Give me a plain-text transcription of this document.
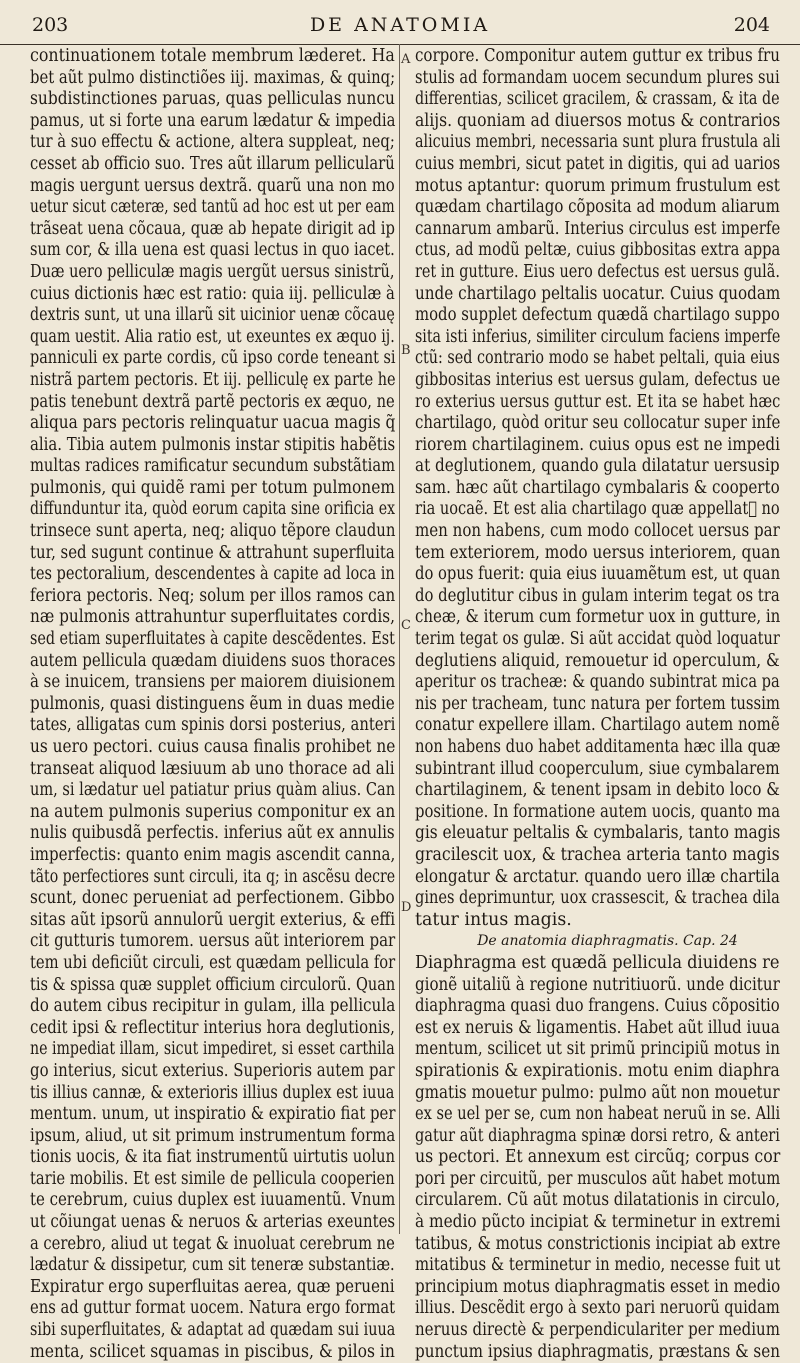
203	DE ANATOMIA	204
A
B
C
D
continuationem totale membrum læderet. Ha
bet aũt pulmo distinctiões iij. maximas, & quinq;
subdistinctiones paruas, quas pelliculas nuncu
pamus, ut si forte una earum lædatur & impedia
tur à suo effectu & actione, altera suppleat, neq;
cesset ab officio suo. Tres aũt illarum pellicularũ
magis uergunt uersus dextrã. quarũ una non mo
uetur sicut cæteræ, sed tantũ ad hoc est ut per eam
trãseat uena cõcaua, quæ ab hepate dirigit ad ip
sum cor, & illa uena est quasi lectus in quo iacet.
Duæ uero pelliculæ magis uergũt uersus sinistrũ,
cuius dictionis hæc est ratio: quia iij. pelliculæ à
dextris sunt, ut una illarũ sit uicinior uenæ cõcauę
quam uestit. Alia ratio est, ut exeuntes ex æquo ij.
panniculi ex parte cordis, cũ ipso corde teneant si
nistrã partem pectoris. Et iij. pelliculę ex parte he
patis tenebunt dextrã partẽ pectoris ex æquo, ne
aliqua pars pectoris relinquatur uacua magis q̃
alia. Tibia autem pulmonis instar stipitis habẽtis
multas radices ramificatur secundum substãtiam
pulmonis, qui quidẽ rami per totum pulmonem
diffunduntur ita, quòd eorum capita sine orificia ex
trinsece sunt aperta, neq; aliquo tẽpore claudun
tur, sed sugunt continue & attrahunt superfluita
tes pectoralium, descendentes à capite ad loca in
feriora pectoris. Neq; solum per illos ramos can
næ pulmonis attrahuntur superfluitates cordis,
sed etiam superfluitates à capite descẽdentes. Est
autem pellicula quædam diuidens suos thoraces
à se inuicem, transiens per maiorem diuisionem
pulmonis, quasi distinguens ẽum in duas medie
tates, alligatas cum spinis dorsi posterius, anteri
us uero pectori. cuius causa finalis prohibet ne
transeat aliquod læsiuum ab uno thorace ad ali
um, si lædatur uel patiatur prius quàm alius. Can
na autem pulmonis superius componitur ex an
nulis quibusdã perfectis. inferius aũt ex annulis
imperfectis: quanto enim magis ascendit canna,
tãto perfectiores sunt circuli, ita q; in ascẽsu decre
scunt, donec perueniat ad perfectionem. Gibbo
sitas aũt ipsorũ annulorũ uergit exterius, & effi
cit gutturis tumorem. uersus aũt interiorem par
tem ubi deficiũt circuli, est quædam pellicula for
tis & spissa quæ supplet officium circulorũ. Quan
do autem cibus recipitur in gulam, illa pellicula
cedit ipsi & reflectitur interius hora deglutionis,
ne impediat illam, sicut impediret, si esset carthila
go interius, sicut exterius. Superioris autem par
tis illius cannæ, & exterioris illius duplex est iuua
mentum. unum, ut inspiratio & expiratio fiat per
ipsum, aliud, ut sit primum instrumentum forma
tionis uocis, & ita fiat instrumentũ uirtutis uolun
tarie mobilis. Et est simile de pellicula cooperien
te cerebrum, cuius duplex est iuuamentũ. Vnum
ut cõiungat uenas & neruos & arterias exeuntes
a cerebro, aliud ut tegat & inuoluat cerebrum ne
lædatur & dissipetur, cum sit teneræ substantiæ.
Expiratur ergo superfluitas aerea, quæ perueni
ens ad guttur format uocem. Natura ergo format
sibi superfluitates, & adaptat ad quædam sui iuua
menta, scilicet squamas in piscibus, & pilos in
corpore. Componitur autem guttur ex tribus fru
stulis ad formandam uocem secundum plures sui
differentias, scilicet gracilem, & crassam, & ita de
alijs. quoniam ad diuersos motus & contrarios
alicuius membri, necessaria sunt plura frustula ali
cuius membri, sicut patet in digitis, qui ad uarios
motus aptantur: quorum primum frustulum est
quædam chartilago cõposita ad modum aliarum
cannarum ambarũ. Interius circulus est imperfe
ctus, ad modũ peltæ, cuius gibbositas extra appa
ret in gutture. Eius uero defectus est uersus gulã.
unde chartilago peltalis uocatur. Cuius quodam
modo supplet defectum quædã chartilago suppo
sita isti inferius, similiter circulum faciens imperfe
ctũ: sed contrario modo se habet peltali, quia eius
gibbositas interius est uersus gulam, defectus ue
ro exterius uersus guttur est. Et ita se habet hæc
chartilago, quòd oritur seu collocatur super infe
riorem chartilaginem. cuius opus est ne impedi
at deglutionem, quando gula dilatatur uersusip
sam. hæc aũt chartilago cymbalaris & cooperto
ria uocaẽ. Et est alia chartilago quæ appellatᷓ no
men non habens, cum modo collocet uersus par
tem exteriorem, modo uersus interiorem, quan
do opus fuerit: quia eius iuuamẽtum est, ut quan
do deglutitur cibus in gulam interim tegat os tra
cheæ, & iterum cum formetur uox in gutture, in
terim tegat os gulæ. Si aũt accidat quòd loquatur
deglutiens aliquid, remouetur id operculum, &
aperitur os tracheæ: & quando subintrat mica pa
nis per tracheam, tunc natura per fortem tussim
conatur expellere illam. Chartilago autem nomẽ
non habens duo habet additamenta hæc illa quæ
subintrant illud cooperculum, siue cymbalarem
chartilaginem, & tenent ipsam in debito loco &
positione. In formatione autem uocis, quanto ma
gis eleuatur peltalis & cymbalaris, tanto magis
gracilescit uox, & trachea arteria tanto magis
elongatur & arctatur. quando uero illæ chartila
gines deprimuntur, uox crassescit, & trachea dila
tatur intus magis.
De anatomia diaphragmatis. Cap. 24
Diaphragma est quædã pellicula diuidens re
gionẽ uitaliũ à regione nutritiuorũ. unde dicitur
diaphragma quasi duo frangens. Cuius cõpositio
est ex neruis & ligamentis. Habet aũt illud iuua
mentum, scilicet ut sit primũ principiũ motus in
spirationis & expirationis. motu enim diaphra
gmatis mouetur pulmo: pulmo aũt non mouetur
ex se uel per se, cum non habeat neruũ in se. Alli
gatur aũt diaphragma spinæ dorsi retro, & anteri
us pectori. Et annexum est circũq; corpus cor
pori per circuitũ, per musculos aũt habet motum
circularem. Cũ aũt motus dilatationis in circulo,
à medio pũcto incipiat & terminetur in extremi
tatibus, & motus constrictionis incipiat ab extre
mitatibus & terminetur in medio, necesse fuit ut
principium motus diaphragmatis esset in medio
illius. Descẽdit ergo à sexto pari neruorũ quidam
neruus directè & perpendiculariter per medium
punctum ipsius diaphragmatis, præstans & sen
